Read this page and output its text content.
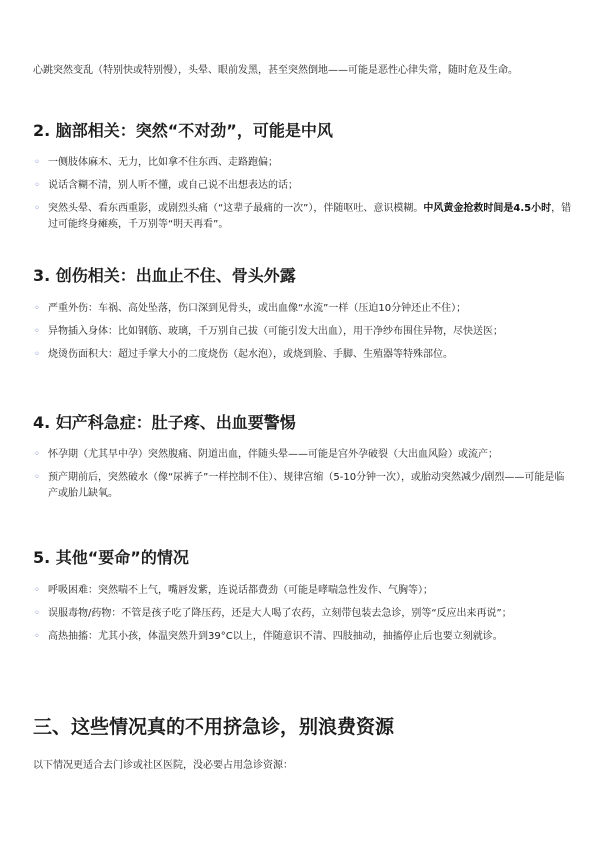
心跳突然变乱（特别快或特别慢），头晕、眼前发黑，甚至突然倒地——可能是恶性心律失常，随时危及生命。

2. 脑部相关：突然“不对劲”，可能是中风
◦ 一侧肢体麻木、无力，比如拿不住东西、走路跑偏；
◦ 说话含糊不清，别人听不懂，或自己说不出想表达的话；
◦ 突然头晕、看东西重影，或剧烈头痛（“这辈子最痛的一次”），伴随呕吐、意识模糊。中风黄金抢救时间是4.5小时，错过可能终身瘫痪，千万别等“明天再看”。
3. 创伤相关：出血止不住、骨头外露
◦ 严重外伤：车祸、高处坠落，伤口深到见骨头，或出血像“水流”一样（压迫10分钟还止不住）；
◦ 异物插入身体：比如钢筋、玻璃，千万别自己拔（可能引发大出血），用干净纱布围住异物，尽快送医；
◦ 烧烫伤面积大：超过手掌大小的二度烧伤（起水泡），或烧到脸、手脚、生殖器等特殊部位。
4. 妇产科急症：肚子疼、出血要警惕
◦ 怀孕期（尤其早中孕）突然腹痛、阴道出血，伴随头晕——可能是宫外孕破裂（大出血风险）或流产；
◦ 预产期前后，突然破水（像“尿裤子”一样控制不住）、规律宫缩（5-10分钟一次），或胎动突然减少/剧烈——可能是临产或胎儿缺氧。
5. 其他“要命”的情况
◦ 呼吸困难：突然喘不上气，嘴唇发紫，连说话都费劲（可能是哮喘急性发作、气胸等）；
◦ 误服毒物/药物：不管是孩子吃了降压药，还是大人喝了农药，立刻带包装去急诊，别等“反应出来再说”；
◦ 高热抽搐：尤其小孩，体温突然升到39°C以上，伴随意识不清、四肢抽动，抽搐停止后也要立刻就诊。
三、这些情况真的不用挤急诊，别浪费资源

以下情况更适合去门诊或社区医院，没必要占用急诊资源：
